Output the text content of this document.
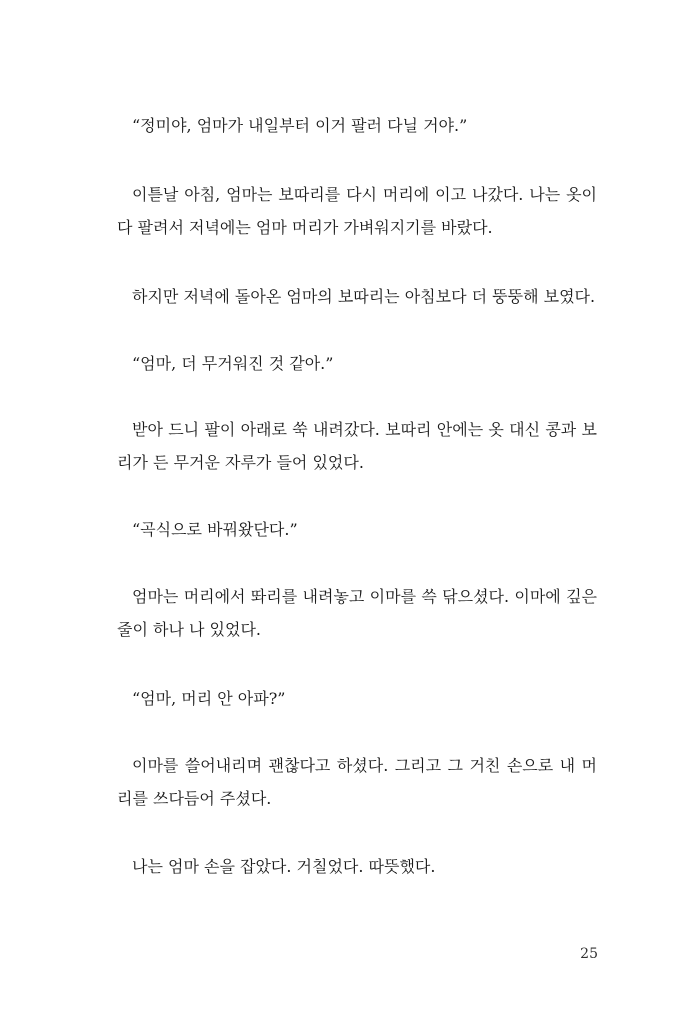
“정미야, 엄마가 내일부터 이거 팔러 다닐 거야.”

이튿날 아침, 엄마는 보따리를 다시 머리에 이고 나갔다. 나는 옷이 다 팔려서 저녁에는 엄마 머리가 가벼워지기를 바랐다.

하지만 저녁에 돌아온 엄마의 보따리는 아침보다 더 뚱뚱해 보였다.

“엄마, 더 무거워진 것 같아.”

받아 드니 팔이 아래로 쑥 내려갔다. 보따리 안에는 옷 대신 콩과 보리가 든 무거운 자루가 들어 있었다.

“곡식으로 바꿔왔단다.”

엄마는 머리에서 똬리를 내려놓고 이마를 쓱 닦으셨다. 이마에 깊은 줄이 하나 나 있었다.

“엄마, 머리 안 아파?”

이마를 쓸어내리며 괜찮다고 하셨다. 그리고 그 거친 손으로 내 머리를 쓰다듬어 주셨다.

나는 엄마 손을 잡았다. 거칠었다. 따뜻했다.

25
